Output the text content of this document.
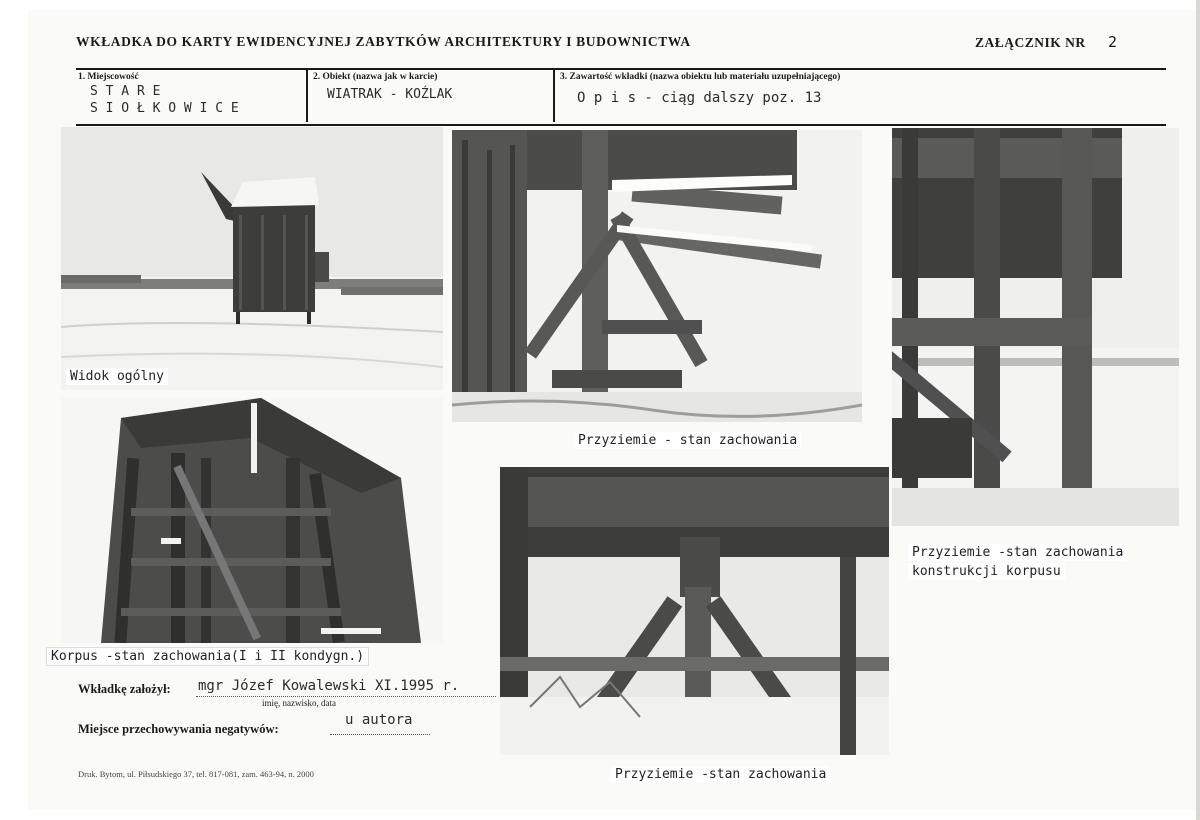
WKŁADKA DO KARTY EWIDENCYJNEJ ZABYTKÓW ARCHITEKTURY I BUDOWNICTWA	ZAŁĄCZNIK NR 2
1. Miejscowość
S T A R E
S I O Ł K O W I C E
2. Obiekt (nazwa jak w karcie)
WIATRAK - KOŹLAK
3. Zawartość wkładki (nazwa obiektu lub materiału uzupełniającego)
O p i s - ciąg dalszy poz. 13
Widok ogólny
Przyziemie - stan zachowania
Przyziemie -stan zachowania
konstrukcji korpusu
Korpus -stan zachowania(I i II kondygn.)
Przyziemie -stan zachowania
Wkładkę założył: mgr Józef Kowalewski XI.1995 r.
imię, nazwisko, data
Miejsce przechowywania negatywów:
u autora
Druk. Bytom, ul. Piłsudskiego 37, tel. 817-081, zam. 463-94, n. 2000
